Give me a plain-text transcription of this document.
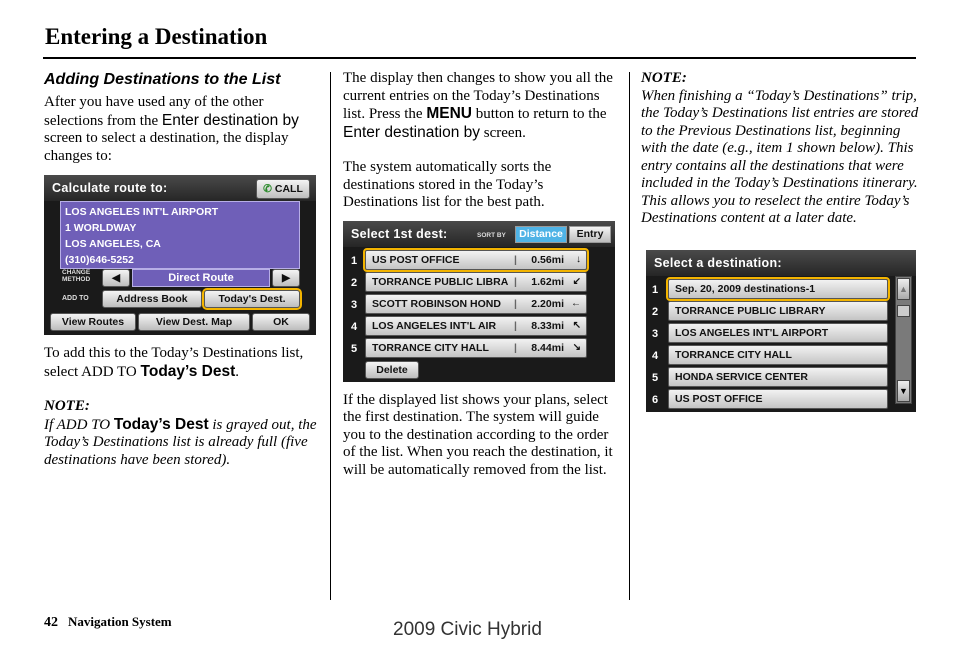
Entering a Destination

Adding Destinations to the List

After you have used any of the other selections from the Enter destination by screen to select a destination, the display changes to:

Calculate route to:	✆ CALL
LOS ANGELES INT'L AIRPORT
1 WORLDWAY
LOS ANGELES, CA
(310)646-5252
CHANGE
METHOD	◀	Direct Route	▶
ADD TO	Address Book	Today's Dest.
View Routes	View Dest. Map	OK

To add this to the Today’s Destinations list, select ADD TO Today’s Dest.

NOTE:

If ADD TO Today’s Dest is grayed out, the Today’s Destinations list is already full (five destinations have been stored).

The display then changes to show you all the current entries on the Today’s Destinations list. Press the MENU button to return to the Enter destination by screen.

The system automatically sorts the destinations stored in the Today’s Destinations list for the best path.

Select 1st dest:	SORT BY	Distance	Entry
1	US POST OFFICE	| 0.56mi ↓
2	TORRANCE PUBLIC LIBRA | 1.62mi ↙
3	SCOTT ROBINSON HOND | 2.20mi ←
4	LOS ANGELES INT'L AIR | 8.33mi ↖
5	TORRANCE CITY HALL | 8.44mi ↘
Delete

If the displayed list shows your plans, select the first destination. The system will guide you to the destination according to the order of the list. When you reach the destination, it will be automatically removed from the list.

NOTE:

When finishing a “Today’s Destinations” trip, the Today’s Destinations list entries are stored to the Previous Destinations list, beginning with the date (e.g., item 1 shown below). This entry contains all the destinations that were included in the Today’s Destinations itinerary. This allows you to reselect the entire Today’s Destinations content at a later date.

Select a destination:
1	Sep. 20, 2009 destinations-1
2	TORRANCE PUBLIC LIBRARY
3	LOS ANGELES INT'L AIRPORT
4	TORRANCE CITY HALL
5	HONDA SERVICE CENTER
6	US POST OFFICE
▲
▼
42 Navigation System	2009 Civic Hybrid
